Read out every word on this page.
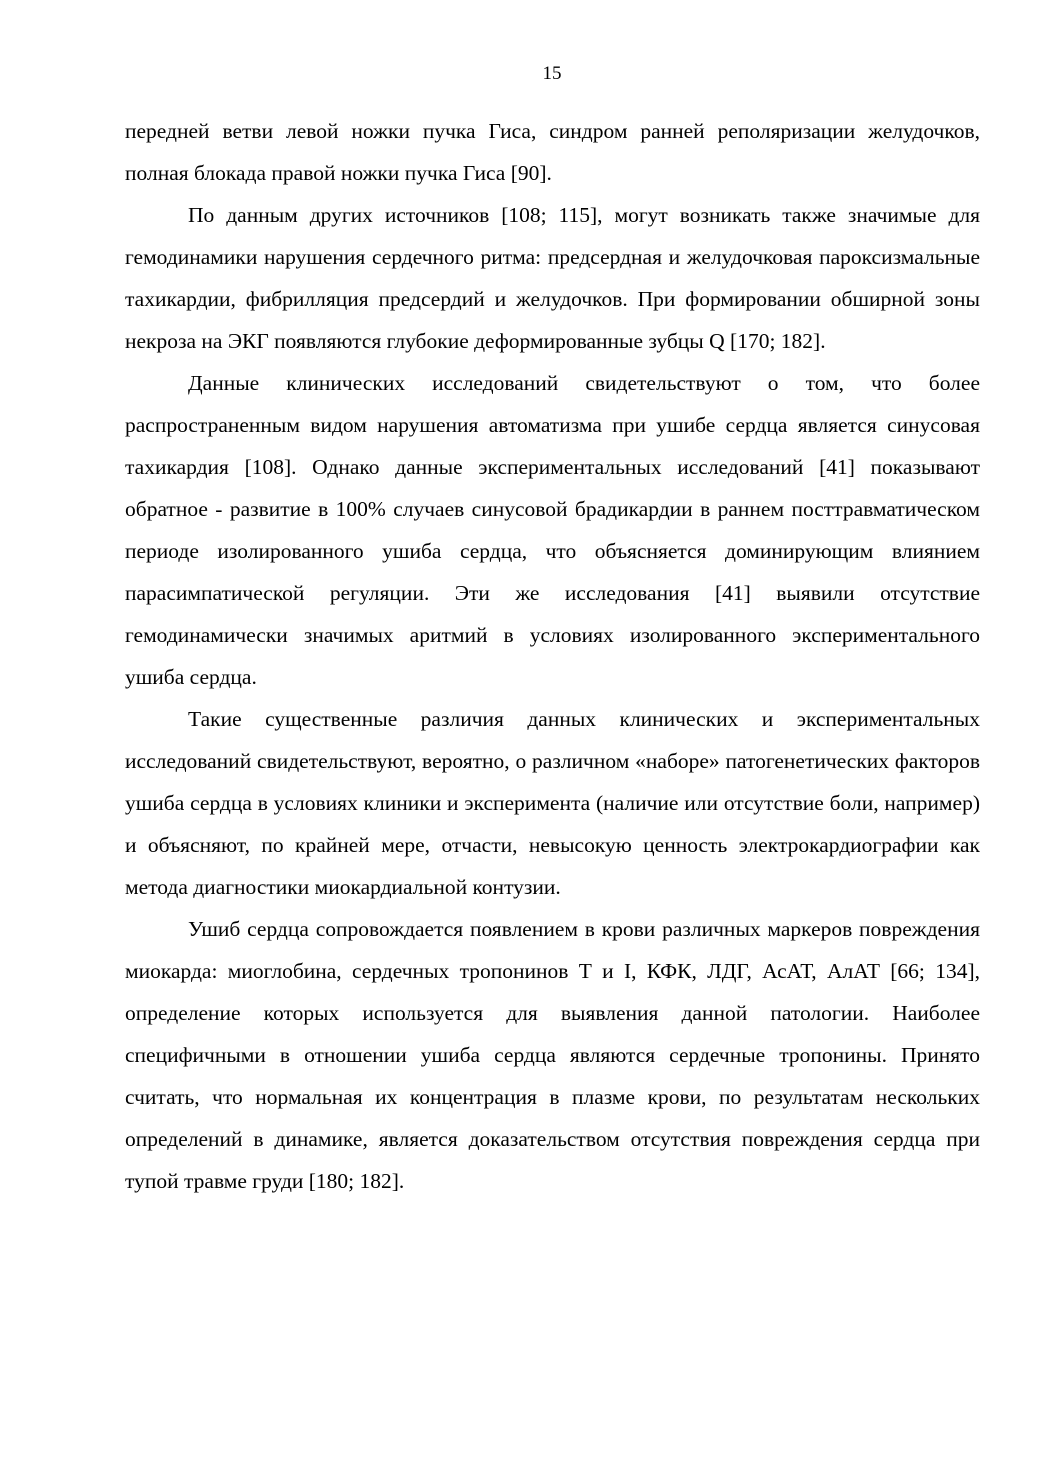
15

передней ветви левой ножки пучка Гиса, синдром ранней реполяризации желудочков, полная блокада правой ножки пучка Гиса [90].

По данным других источников [108; 115], могут возникать также значимые для гемодинамики нарушения сердечного ритма: предсердная и желудочковая пароксизмальные тахикардии, фибрилляция предсердий и желудочков. При формировании обширной зоны некроза на ЭКГ появляются глубокие деформированные зубцы Q [170; 182].

Данные клинических исследований свидетельствуют о том, что более распространенным видом нарушения автоматизма при ушибе сердца является синусовая тахикардия [108]. Однако данные экспериментальных исследований [41] показывают обратное - развитие в 100% случаев синусовой брадикардии в раннем посттравматическом периоде изолированного ушиба сердца, что объясняется доминирующим влиянием парасимпатической регуляции. Эти же исследования [41] выявили отсутствие гемодинамически значимых аритмий в условиях изолированного экспериментального ушиба сердца.

Такие существенные различия данных клинических и экспериментальных исследований свидетельствуют, вероятно, о различном «наборе» патогенетических факторов ушиба сердца в условиях клиники и эксперимента (наличие или отсутствие боли, например) и объясняют, по крайней мере, отчасти, невысокую ценность электрокардиографии как метода диагностики миокардиальной контузии.

Ушиб сердца сопровождается появлением в крови различных маркеров повреждения миокарда: миоглобина, сердечных тропонинов Т и I, КФК, ЛДГ, АсАТ, АлАТ [66; 134], определение которых используется для выявления данной патологии. Наиболее специфичными в отношении ушиба сердца являются сердечные тропонины. Принято считать, что нормальная их концентрация в плазме крови, по результатам нескольких определений в динамике, является доказательством отсутствия повреждения сердца при тупой травме груди [180; 182].
